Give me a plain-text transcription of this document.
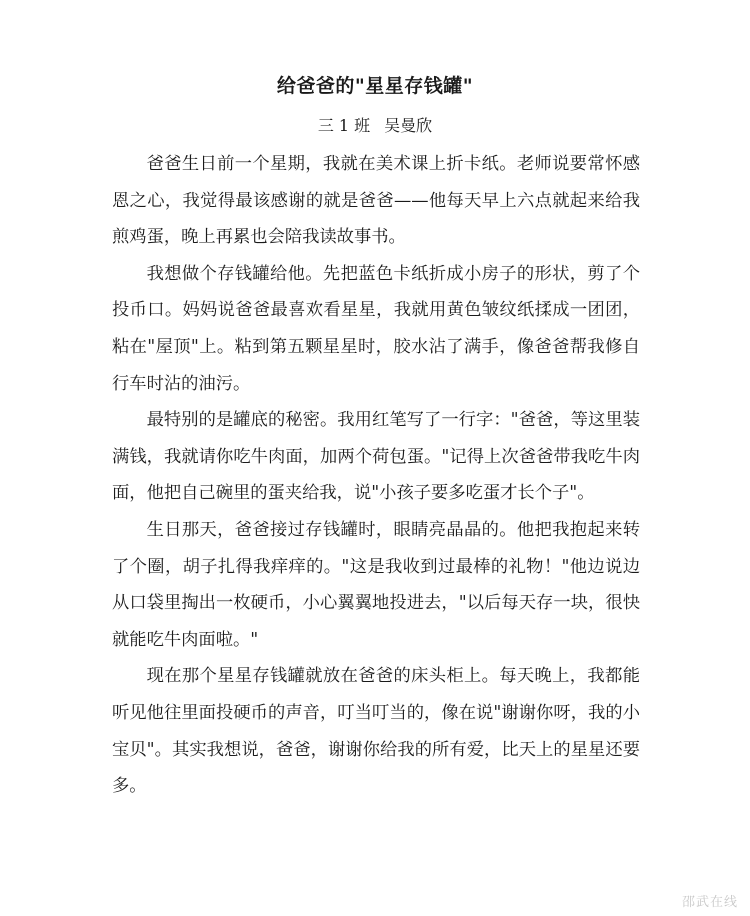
给爸爸的"星星存钱罐"
三 1 班 吴曼欣

爸爸生日前一个星期，我就在美术课上折卡纸。老师说要常怀感恩之心，我觉得最该感谢的就是爸爸——他每天早上六点就起来给我煎鸡蛋，晚上再累也会陪我读故事书。

我想做个存钱罐给他。先把蓝色卡纸折成小房子的形状，剪了个投币口。妈妈说爸爸最喜欢看星星，我就用黄色皱纹纸揉成一团团，粘在"屋顶"上。粘到第五颗星星时，胶水沾了满手，像爸爸帮我修自行车时沾的油污。

最特别的是罐底的秘密。我用红笔写了一行字："爸爸，等这里装满钱，我就请你吃牛肉面，加两个荷包蛋。"记得上次爸爸带我吃牛肉面，他把自己碗里的蛋夹给我，说"小孩子要多吃蛋才长个子"。

生日那天，爸爸接过存钱罐时，眼睛亮晶晶的。他把我抱起来转了个圈，胡子扎得我痒痒的。"这是我收到过最棒的礼物！"他边说边从口袋里掏出一枚硬币，小心翼翼地投进去，"以后每天存一块，很快就能吃牛肉面啦。"

现在那个星星存钱罐就放在爸爸的床头柜上。每天晚上，我都能听见他往里面投硬币的声音，叮当叮当的，像在说"谢谢你呀，我的小宝贝"。其实我想说，爸爸，谢谢你给我的所有爱，比天上的星星还要多。

邵武在线
